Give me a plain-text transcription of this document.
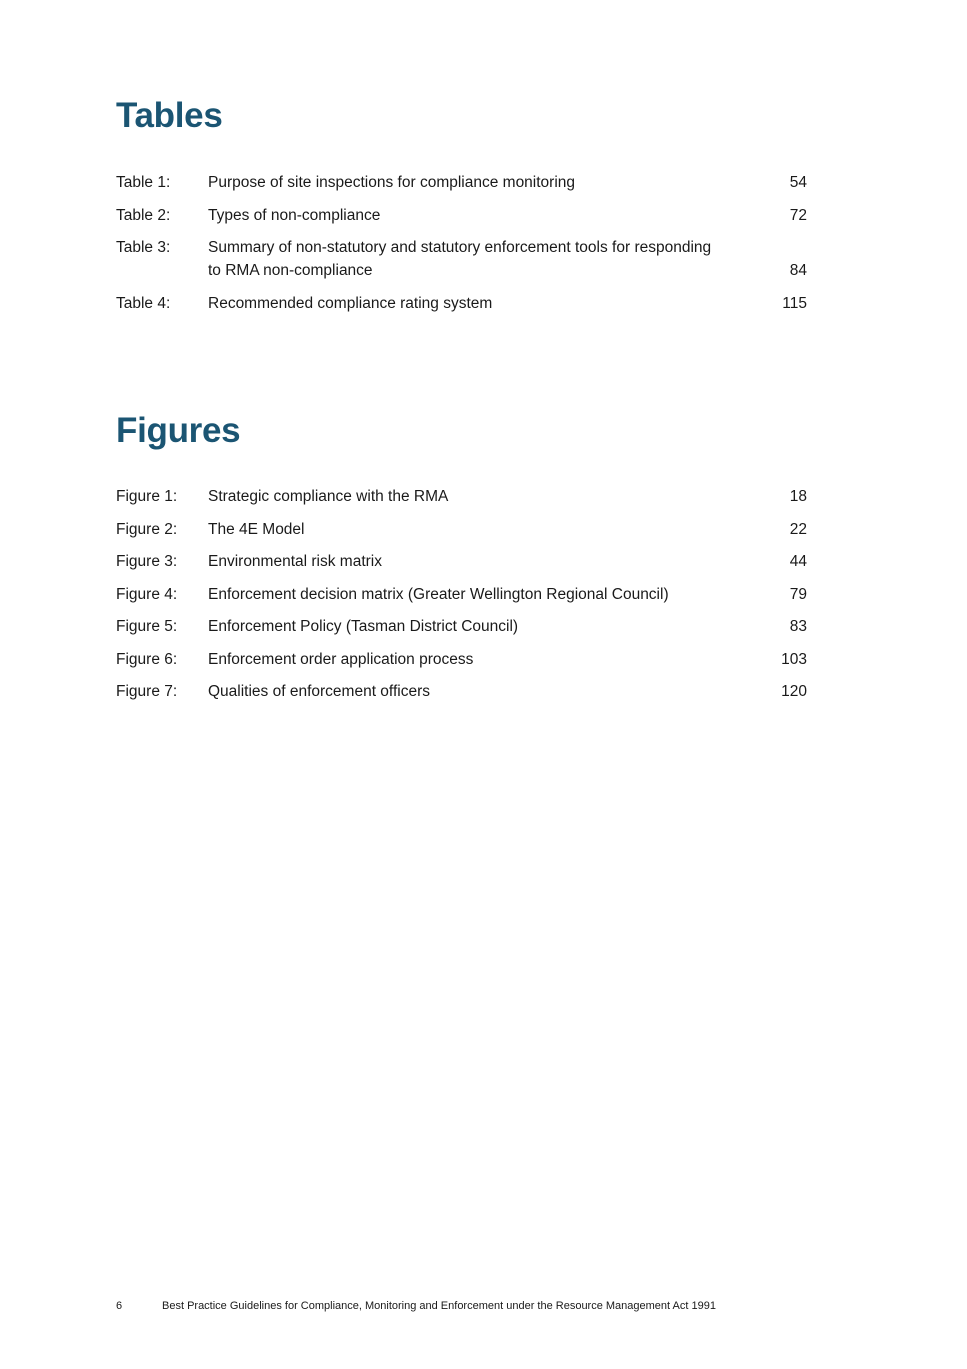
Tables
Table 1:	Purpose of site inspections for compliance monitoring	54
Table 2:	Types of non-compliance	72
Table 3:	Summary of non-statutory and statutory enforcement tools for responding to RMA non-compliance	84
Table 4:	Recommended compliance rating system	115
Figures
Figure 1:	Strategic compliance with the RMA	18
Figure 2:	The 4E Model	22
Figure 3:	Environmental risk matrix	44
Figure 4:	Enforcement decision matrix (Greater Wellington Regional Council)	79
Figure 5:	Enforcement Policy (Tasman District Council)	83
Figure 6:	Enforcement order application process	103
Figure 7:	Qualities of enforcement officers	120
6	Best Practice Guidelines for Compliance, Monitoring and Enforcement under the Resource Management Act 1991
